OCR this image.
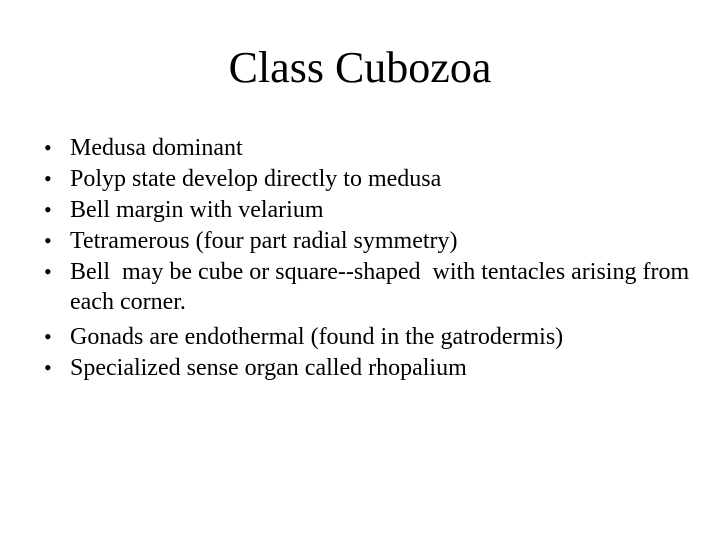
Class Cubozoa
• Medusa dominant
• Polyp state develop directly to medusa
• Bell margin with velarium
• Tetramerous (four part radial symmetry)
• Bell  may be cube or square--shaped  with tentacles arising from each corner.
• Gonads are endothermal (found in the gatrodermis)
• Specialized sense organ called rhopalium
